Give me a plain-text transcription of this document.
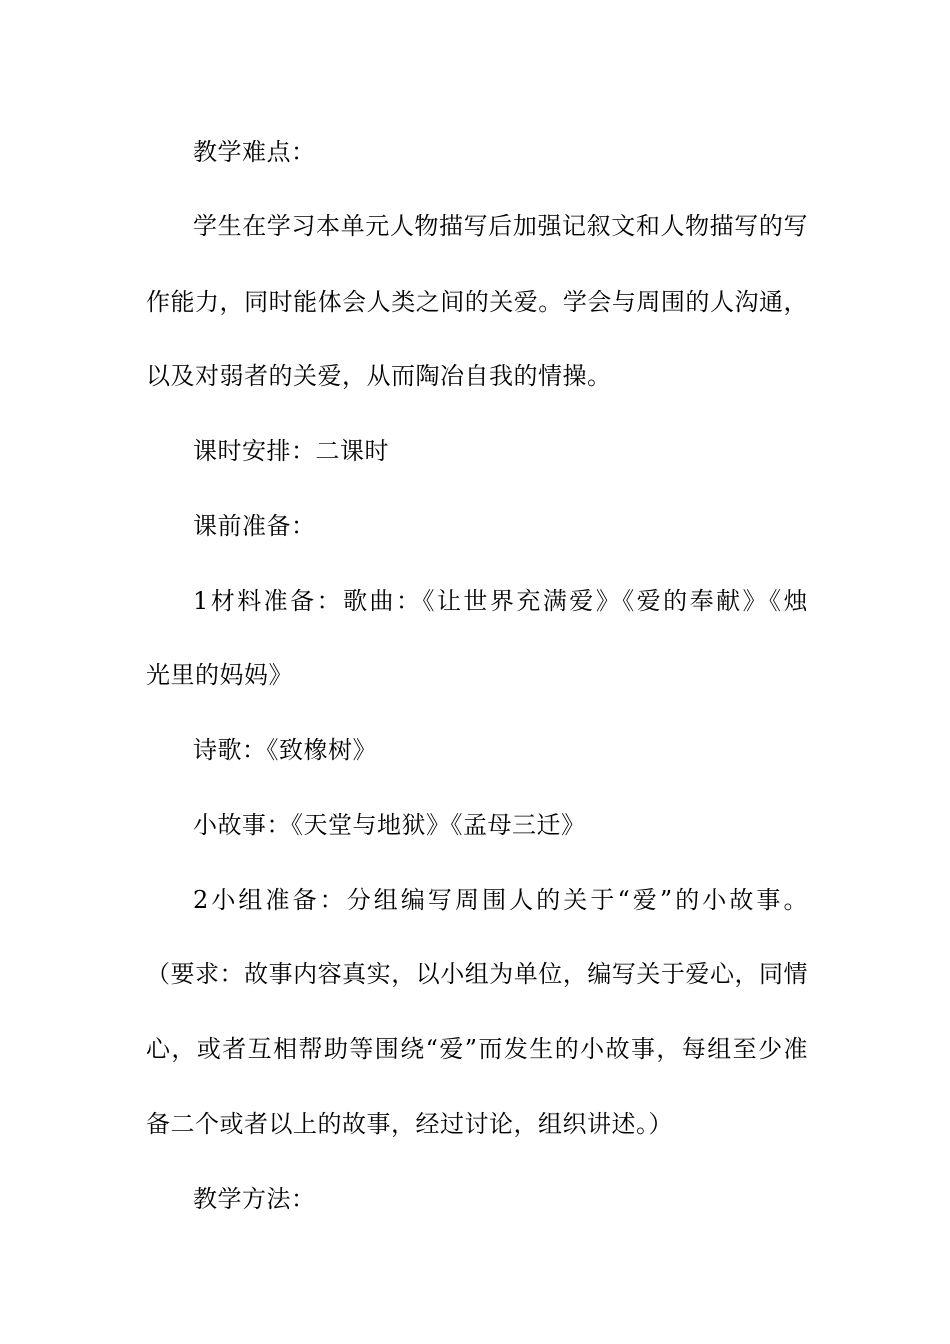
教学难点：
学生在学习本单元人物描写后加强记叙文和人物描写的写
作能力，同时能体会人类之间的关爱。学会与周围的人沟通，
以及对弱者的关爱，从而陶冶自我的情操。
课时安排：二课时
课前准备：
1材料准备：歌曲：《让世界充满爱》《爱的奉献》《烛
光里的妈妈》
诗歌：《致橡树》
小故事：《天堂与地狱》《孟母三迁》
2小组准备：分组编写周围人的关于“爱”的小故事。
（要求：故事内容真实，以小组为单位，编写关于爱心，同情
心，或者互相帮助等围绕“爱”而发生的小故事，每组至少准
备二个或者以上的故事，经过讨论，组织讲述。）
教学方法：
